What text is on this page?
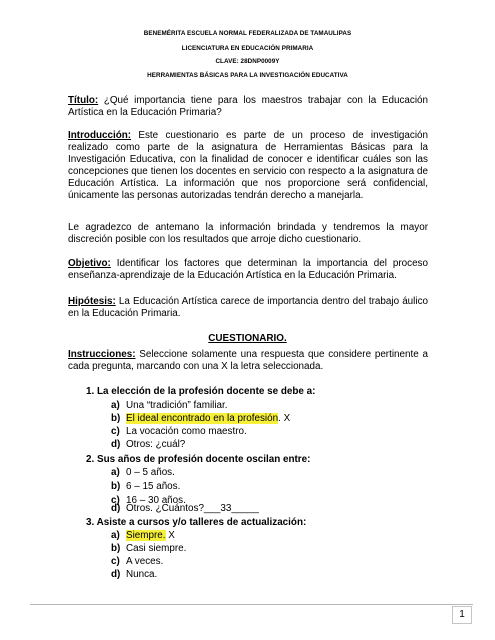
BENEMÉRITA ESCUELA NORMAL FEDERALIZADA DE TAMAULIPAS
LICENCIATURA EN EDUCACIÓN PRIMARIA
CLAVE: 28DNP0009Y
HERRAMIENTAS BÁSICAS PARA LA INVESTIGACIÓN EDUCATIVA

Título: ¿Qué importancia tiene para los maestros trabajar con la Educación Artística en la Educación Primaria?

Introducción: Este cuestionario es parte de un proceso de investigación realizado como parte de la asignatura de Herramientas Básicas para la Investigación Educativa, con la finalidad de conocer e identificar cuáles son las concepciones que tienen los docentes en servicio con respecto a la asignatura de Educación Artística. La información que nos proporcione será confidencial, únicamente las personas autorizadas tendrán derecho a manejarla.

Le agradezco de antemano la información brindada y tendremos la mayor discreción posible con los resultados que arroje dicho cuestionario.

Objetivo: Identificar los factores que determinan la importancia del proceso enseñanza-aprendizaje de la Educación Artística en la Educación Primaria.

Hipótesis: La Educación Artística carece de importancia dentro del trabajo áulico en la Educación Primaria.

CUESTIONARIO.

Instrucciones: Seleccione solamente una respuesta que considere pertinente a cada pregunta, marcando con una X la letra seleccionada.

1. La elección de la profesión docente se debe a:
a) Una “tradición” familiar.
b) El ideal encontrado en la profesión. X
c) La vocación como maestro.
d) Otros: ¿cuál?
2. Sus años de profesión docente oscilan entre:
a) 0 – 5 años.
b) 6 – 15 años.
c) 16 – 30 años.
d) Otros. ¿Cuántos?___33_____
3. Asiste a cursos y/o talleres de actualización:
a) Siempre. X
b) Casi siempre.
c) A veces.
d) Nunca.
1
